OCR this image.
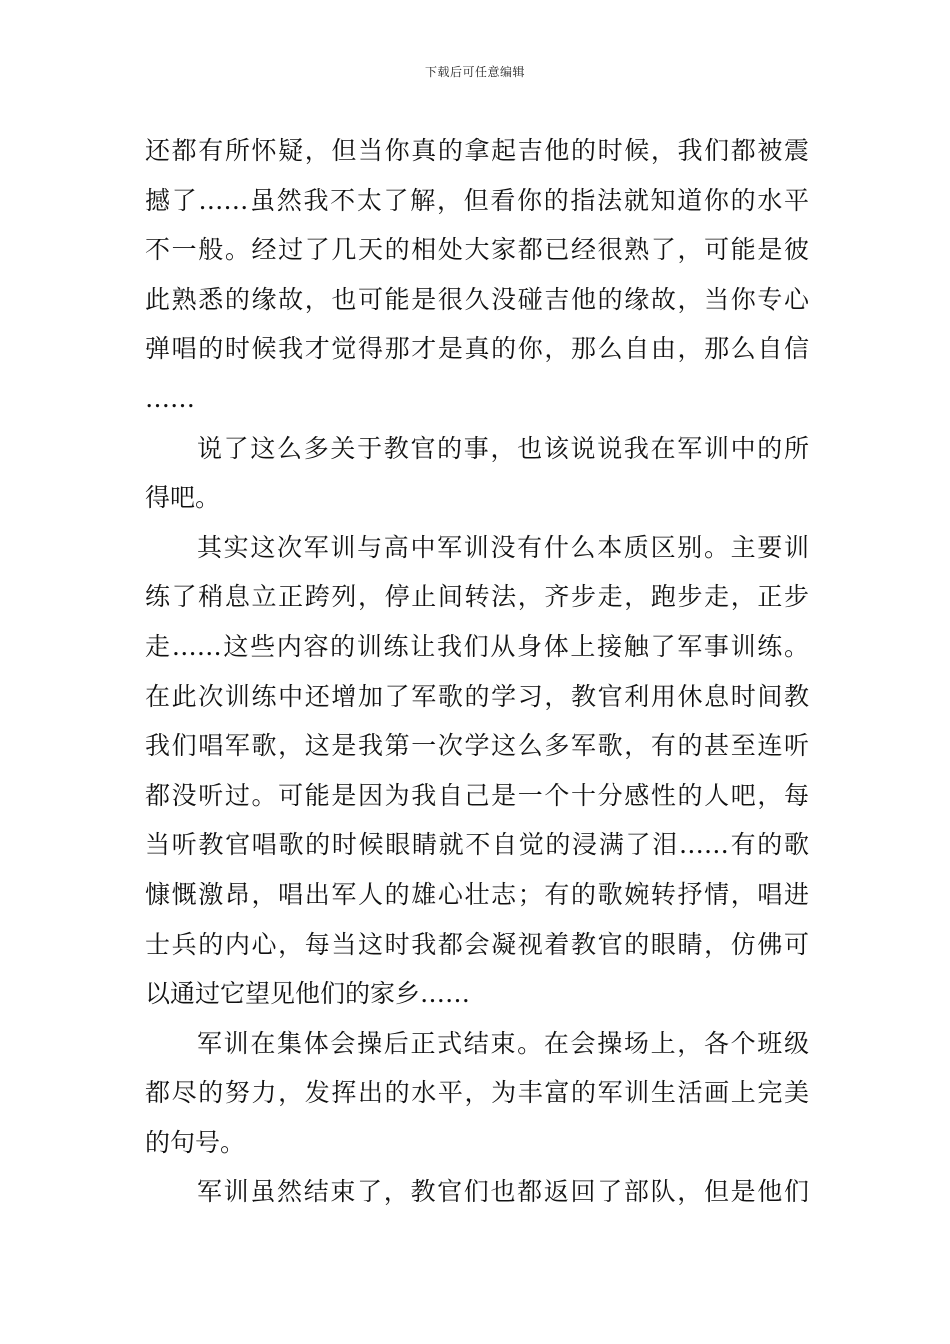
下载后可任意编辑
还都有所怀疑，但当你真的拿起吉他的时候，我们都被震
撼了……虽然我不太了解，但看你的指法就知道你的水平
不一般。经过了几天的相处大家都已经很熟了，可能是彼
此熟悉的缘故，也可能是很久没碰吉他的缘故，当你专心
弹唱的时候我才觉得那才是真的你，那么自由，那么自信
……
说了这么多关于教官的事，也该说说我在军训中的所
得吧。
其实这次军训与高中军训没有什么本质区别。主要训
练了稍息立正跨列，停止间转法，齐步走，跑步走，正步
走……这些内容的训练让我们从身体上接触了军事训练。
在此次训练中还增加了军歌的学习，教官利用休息时间教
我们唱军歌，这是我第一次学这么多军歌，有的甚至连听
都没听过。可能是因为我自己是一个十分感性的人吧，每
当听教官唱歌的时候眼睛就不自觉的浸满了泪……有的歌
慷慨激昂，唱出军人的雄心壮志；有的歌婉转抒情，唱进
士兵的内心，每当这时我都会凝视着教官的眼睛，仿佛可
以通过它望见他们的家乡……
军训在集体会操后正式结束。在会操场上，各个班级
都尽的努力，发挥出的水平，为丰富的军训生活画上完美
的句号。
军训虽然结束了，教官们也都返回了部队，但是他们
